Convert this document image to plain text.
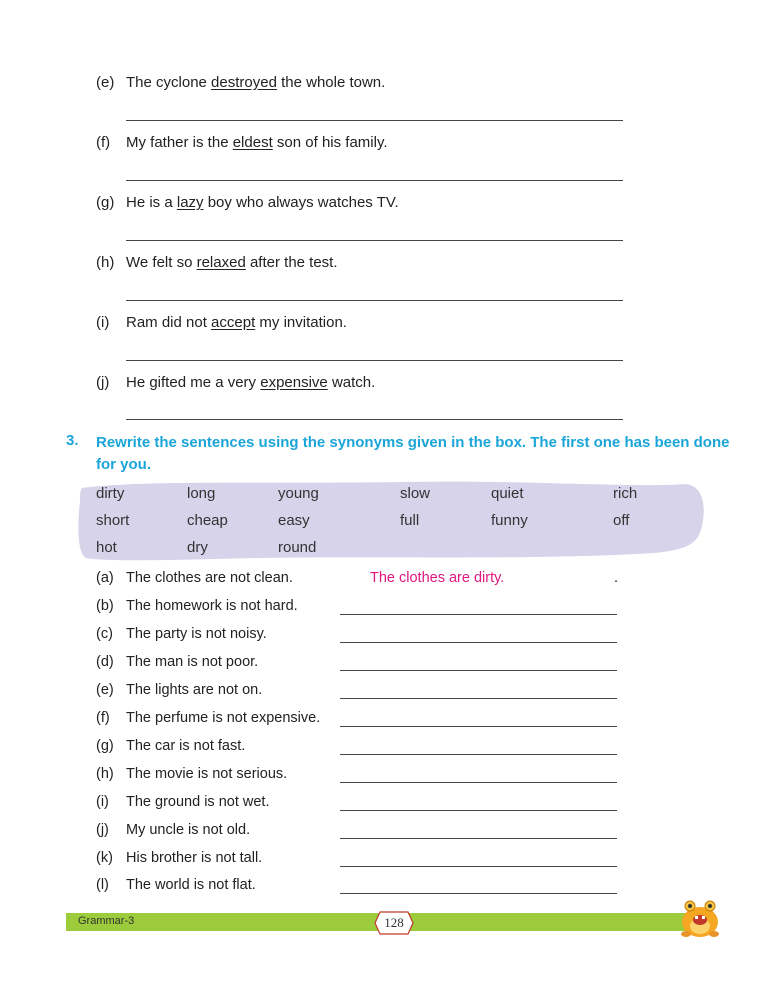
(e) The cyclone destroyed the whole town.
(f)	My father is the eldest son of his family.
(g) He is a lazy boy who always watches TV.
(h) We felt so relaxed after the test.
(i)	Ram did not accept my invitation.
(j)	He gifted me a very expensive watch.
3. Rewrite the sentences using the synonyms given in the box. The first one has been done for you.
dirty	long	young	slow	quiet	rich
short	cheap	easy	full	funny	off
hot	dry	round
(a) The clothes are not clean.	The clothes are dirty.	.
(b) The homework is not hard.
(c) The party is not noisy.
(d) The man is not poor.
(e) The lights are not on.
(f) The perfume is not expensive.
(g) The car is not fast.
(h) The movie is not serious.
(i) The ground is not wet.
(j) My uncle is not old.
(k) His brother is not tall.
(l) The world is not flat.
Grammar-3	128
